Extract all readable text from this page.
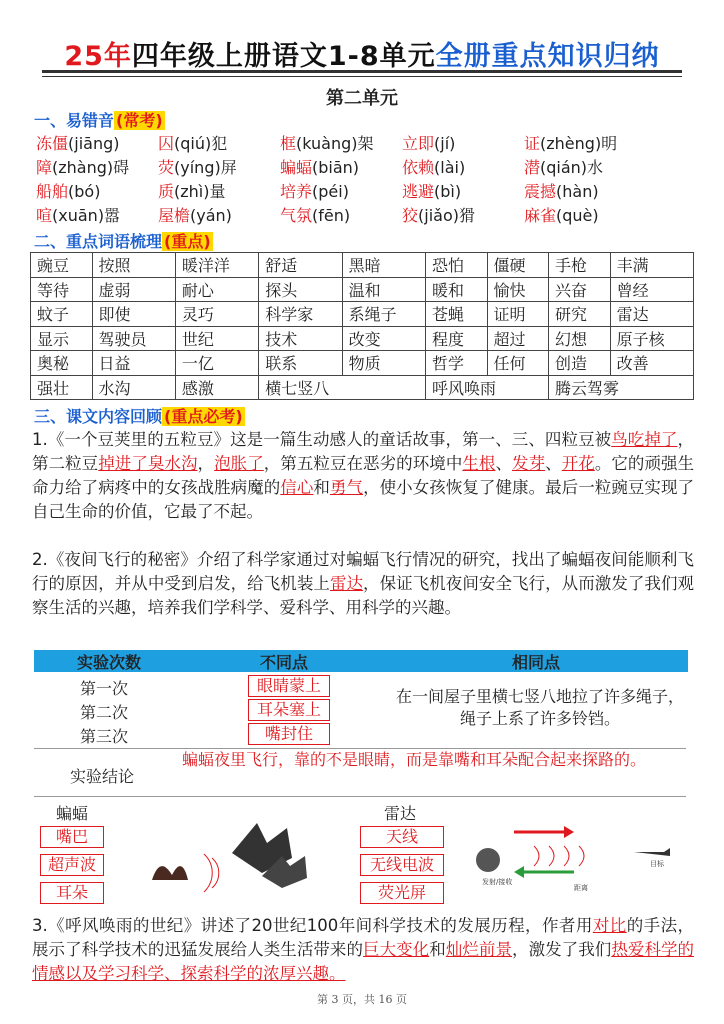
25年四年级上册语文1-8单元全册重点知识归纳
第二单元
一、易错音 (常考)
冻僵(jiāng)	囚(qiú)犯	框(kuàng)架	立即(jí)	证(zhèng)明
障(zhàng)碍	荧(yíng)屏	蝙蝠(biān)	依赖(lài)	潜(qián)水
船舶(bó)	质(zhì)量	培养(péi)	逃避(bì)	震撼(hàn)
喧(xuān)嚣	屋檐(yán)	气氛(fēn)	狡(jiǎo)猾	麻雀(què)
二、重点词语梳理 (重点)
豌豆	按照	暖洋洋	舒适	黑暗	恐怕	僵硬	手枪	丰满
等待	虚弱	耐心	探头	温和	暖和	愉快	兴奋	曾经
蚊子	即使	灵巧	科学家	系绳子	苍蝇	证明	研究	雷达
显示	驾驶员	世纪	技术	改变	程度	超过	幻想	原子核
奥秘	日益	一亿	联系	物质	哲学	任何	创造	改善
强壮	水沟	感激	横七竖八		呼风唤雨		腾云驾雾	
三、课文内容回顾 (重点必考)
1.《一个豆荚里的五粒豆》这是一篇生动感人的童话故事，第一、三、四粒豆被鸟吃掉了，第二粒豆掉进了臭水沟，泡胀了，第五粒豆在恶劣的环境中生根、发芽、开花。它的顽强生命力给了病疼中的女孩战胜病魔的信心和勇气，使小女孩恢复了健康。最后一粒豌豆实现了自己生命的价值，它最了不起。
2.《夜间飞行的秘密》介绍了科学家通过对蝙蝠飞行情况的研究，找出了蝙蝠夜间能顺利飞行的原因，并从中受到启发，给飞机装上雷达，保证飞机夜间安全飞行，从而激发了我们观察生活的兴趣，培养我们学科学、爱科学、用科学的兴趣。
实验次数	不同点	相同点
第一次	眼睛蒙上
第二次	耳朵塞上
第三次	嘴封住
在一间屋子里横七竖八地拉了许多绳子，绳子上系了许多铃铛。
实验结论
蝙蝠夜里飞行，靠的不是眼睛，而是靠嘴和耳朵配合起来探路的。
蝙蝠	雷达
嘴巴
超声波
耳朵
天线
无线电波
荧光屏
发射/接收
目标
距离
3.《呼风唤雨的世纪》讲述了20世纪100年间科学技术的发展历程，作者用对比的手法，展示了科学技术的迅猛发展给人类生活带来的巨大变化和灿烂前景，激发了我们热爱科学的情感以及学习科学、探索科学的浓厚兴趣。
第 3 页，共 16 页
